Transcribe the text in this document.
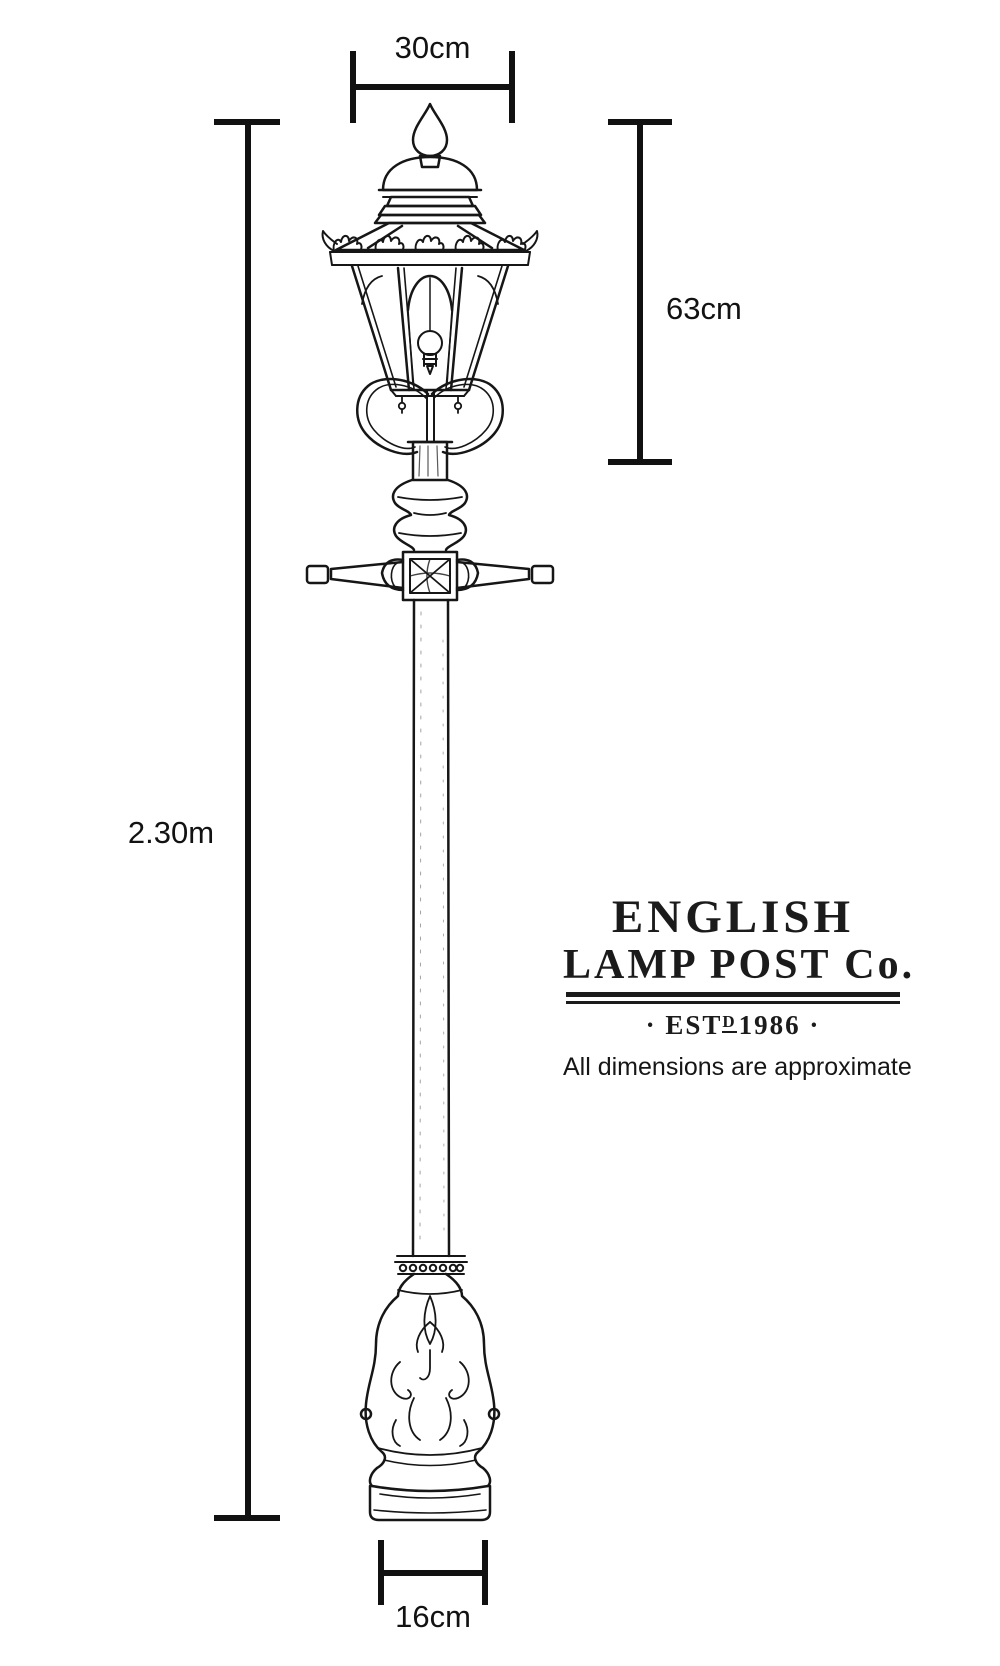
30cm
63cm
2.30m
16cm
ENGLISH
LAMP POST Co.
· $EST^D1986$ ·
All dimensions are approximate
